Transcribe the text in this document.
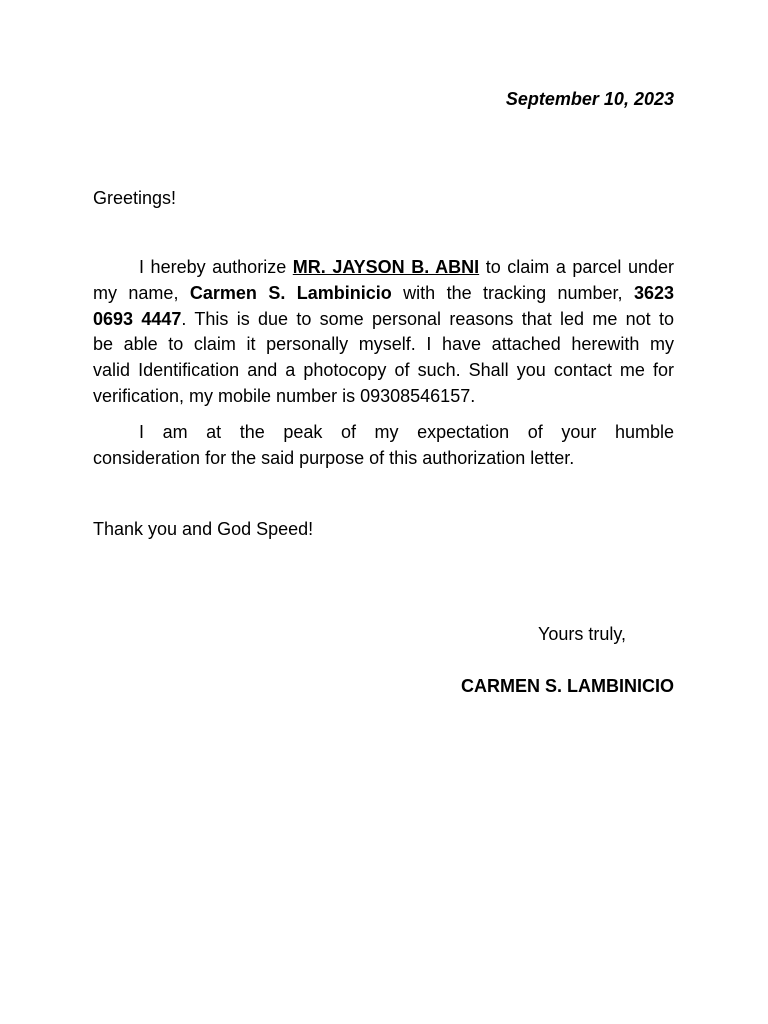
September 10, 2023
Greetings!
I hereby authorize MR. JAYSON B. ABNI to claim a parcel under
my name, Carmen S. Lambinicio with the tracking number, 3623
0693 4447. This is due to some personal reasons that led me not to
be able to claim it personally myself. I have attached herewith my
valid Identification and a photocopy of such. Shall you contact me for
verification, my mobile number is 09308546157.
I am at the peak of my expectation of your humble
consideration for the said purpose of this authorization letter.
Thank you and God Speed!
Yours truly,
CARMEN S. LAMBINICIO
